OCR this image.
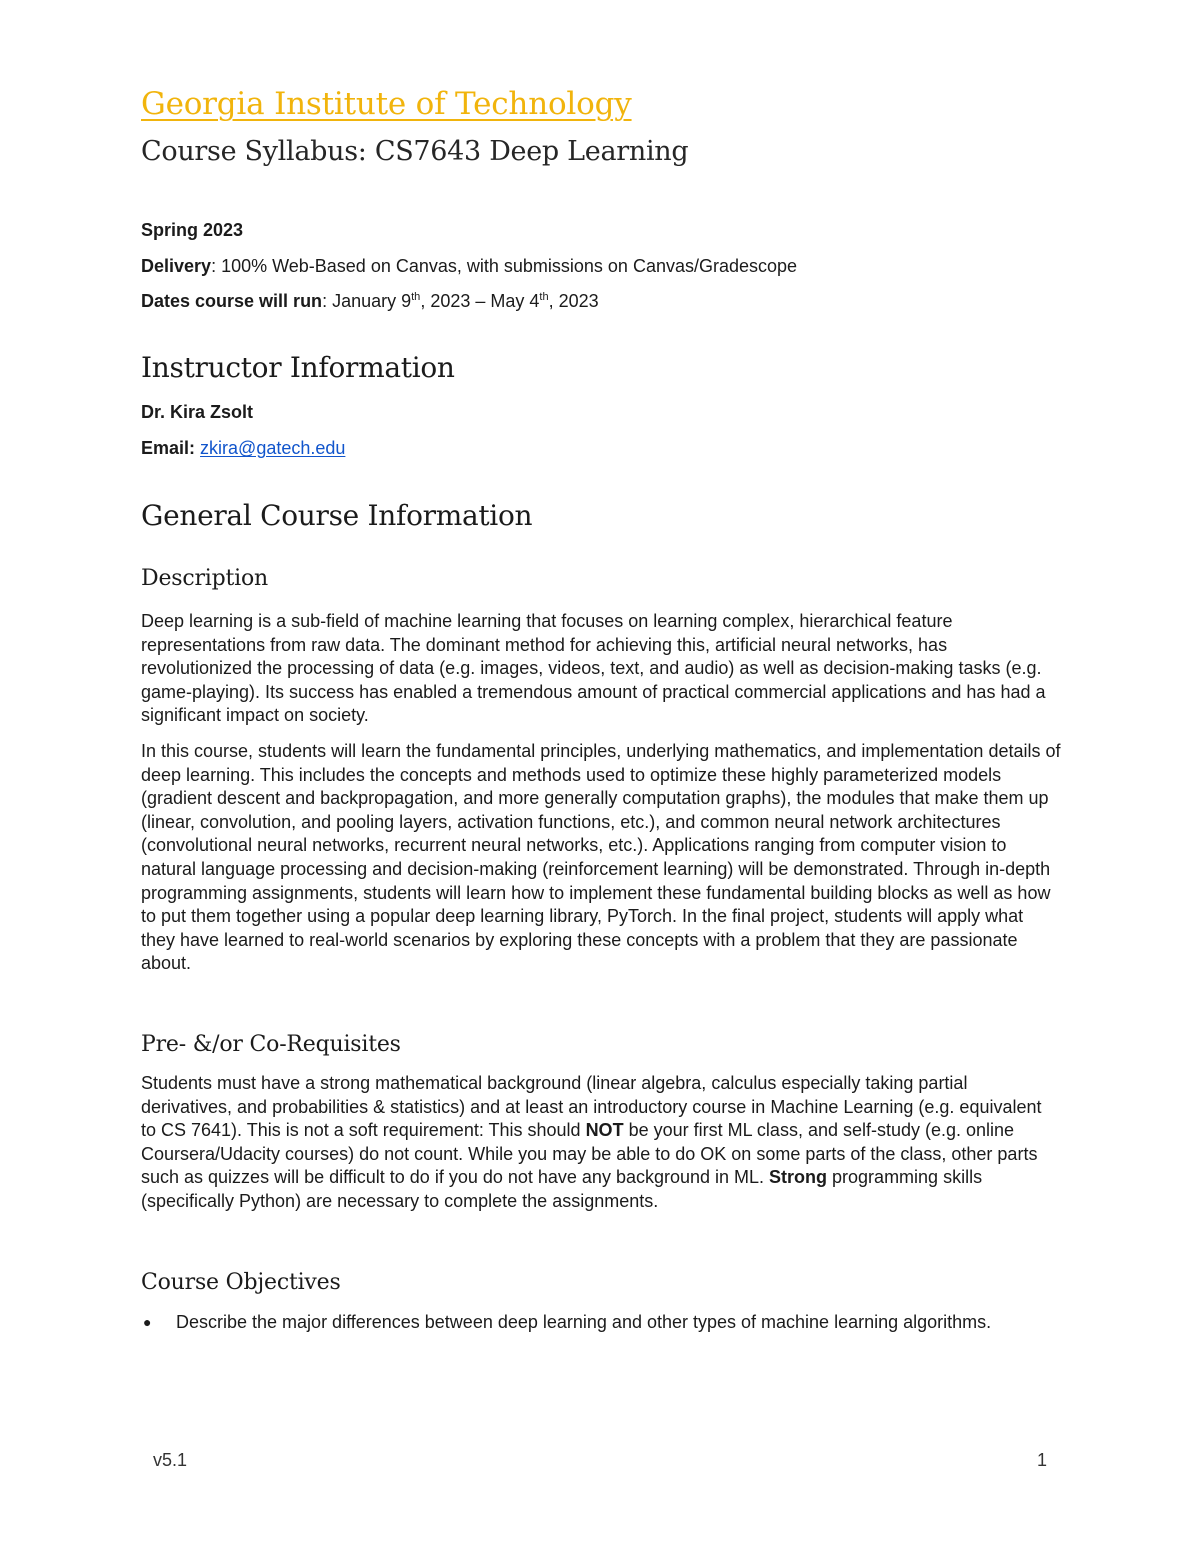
Georgia Institute of Technology
Course Syllabus: CS7643 Deep Learning

Spring 2023

Delivery: 100% Web-Based on Canvas, with submissions on Canvas/Gradescope

Dates course will run: January 9th, 2023 – May 4th, 2023

Instructor Information

Dr. Kira Zsolt

Email: zkira@gatech.edu

General Course Information
Description

Deep learning is a sub-field of machine learning that focuses on learning complex, hierarchical feature representations from raw data. The dominant method for achieving this, artificial neural networks, has revolutionized the processing of data (e.g. images, videos, text, and audio) as well as decision-making tasks (e.g. game-playing). Its success has enabled a tremendous amount of practical commercial applications and has had a significant impact on society.

In this course, students will learn the fundamental principles, underlying mathematics, and implementation details of deep learning. This includes the concepts and methods used to optimize these highly parameterized models (gradient descent and backpropagation, and more generally computation graphs), the modules that make them up (linear, convolution, and pooling layers, activation functions, etc.), and common neural network architectures (convolutional neural networks, recurrent neural networks, etc.). Applications ranging from computer vision to natural language processing and decision-making (reinforcement learning) will be demonstrated. Through in-depth programming assignments, students will learn how to implement these fundamental building blocks as well as how to put them together using a popular deep learning library, PyTorch. In the final project, students will apply what they have learned to real-world scenarios by exploring these concepts with a problem that they are passionate about.

Pre- &/or Co-Requisites

Students must have a strong mathematical background (linear algebra, calculus especially taking partial derivatives, and probabilities & statistics) and at least an introductory course in Machine Learning (e.g. equivalent to CS 7641). This is not a soft requirement: This should NOT be your first ML class, and self-study (e.g. online Coursera/Udacity courses) do not count. While you may be able to do OK on some parts of the class, other parts such as quizzes will be difficult to do if you do not have any background in ML. Strong programming skills (specifically Python) are necessary to complete the assignments.

Course Objectives
● Describe the major differences between deep learning and other types of machine learning algorithms.
v5.1	1
